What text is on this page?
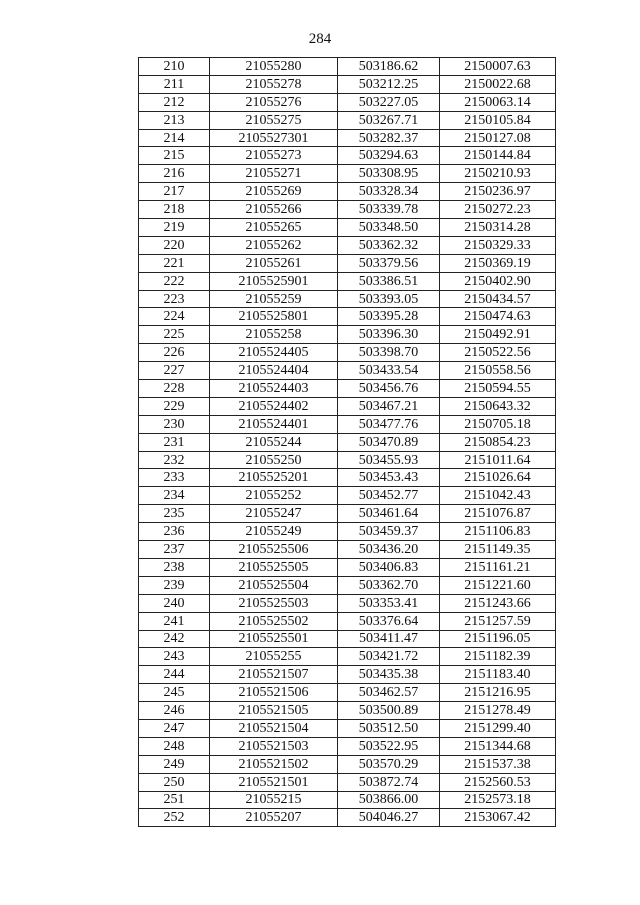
284
210	21055280	503186.62	2150007.63
211	21055278	503212.25	2150022.68
212	21055276	503227.05	2150063.14
213	21055275	503267.71	2150105.84
214	2105527301	503282.37	2150127.08
215	21055273	503294.63	2150144.84
216	21055271	503308.95	2150210.93
217	21055269	503328.34	2150236.97
218	21055266	503339.78	2150272.23
219	21055265	503348.50	2150314.28
220	21055262	503362.32	2150329.33
221	21055261	503379.56	2150369.19
222	2105525901	503386.51	2150402.90
223	21055259	503393.05	2150434.57
224	2105525801	503395.28	2150474.63
225	21055258	503396.30	2150492.91
226	2105524405	503398.70	2150522.56
227	2105524404	503433.54	2150558.56
228	2105524403	503456.76	2150594.55
229	2105524402	503467.21	2150643.32
230	2105524401	503477.76	2150705.18
231	21055244	503470.89	2150854.23
232	21055250	503455.93	2151011.64
233	2105525201	503453.43	2151026.64
234	21055252	503452.77	2151042.43
235	21055247	503461.64	2151076.87
236	21055249	503459.37	2151106.83
237	2105525506	503436.20	2151149.35
238	2105525505	503406.83	2151161.21
239	2105525504	503362.70	2151221.60
240	2105525503	503353.41	2151243.66
241	2105525502	503376.64	2151257.59
242	2105525501	503411.47	2151196.05
243	21055255	503421.72	2151182.39
244	2105521507	503435.38	2151183.40
245	2105521506	503462.57	2151216.95
246	2105521505	503500.89	2151278.49
247	2105521504	503512.50	2151299.40
248	2105521503	503522.95	2151344.68
249	2105521502	503570.29	2151537.38
250	2105521501	503872.74	2152560.53
251	21055215	503866.00	2152573.18
252	21055207	504046.27	2153067.42
